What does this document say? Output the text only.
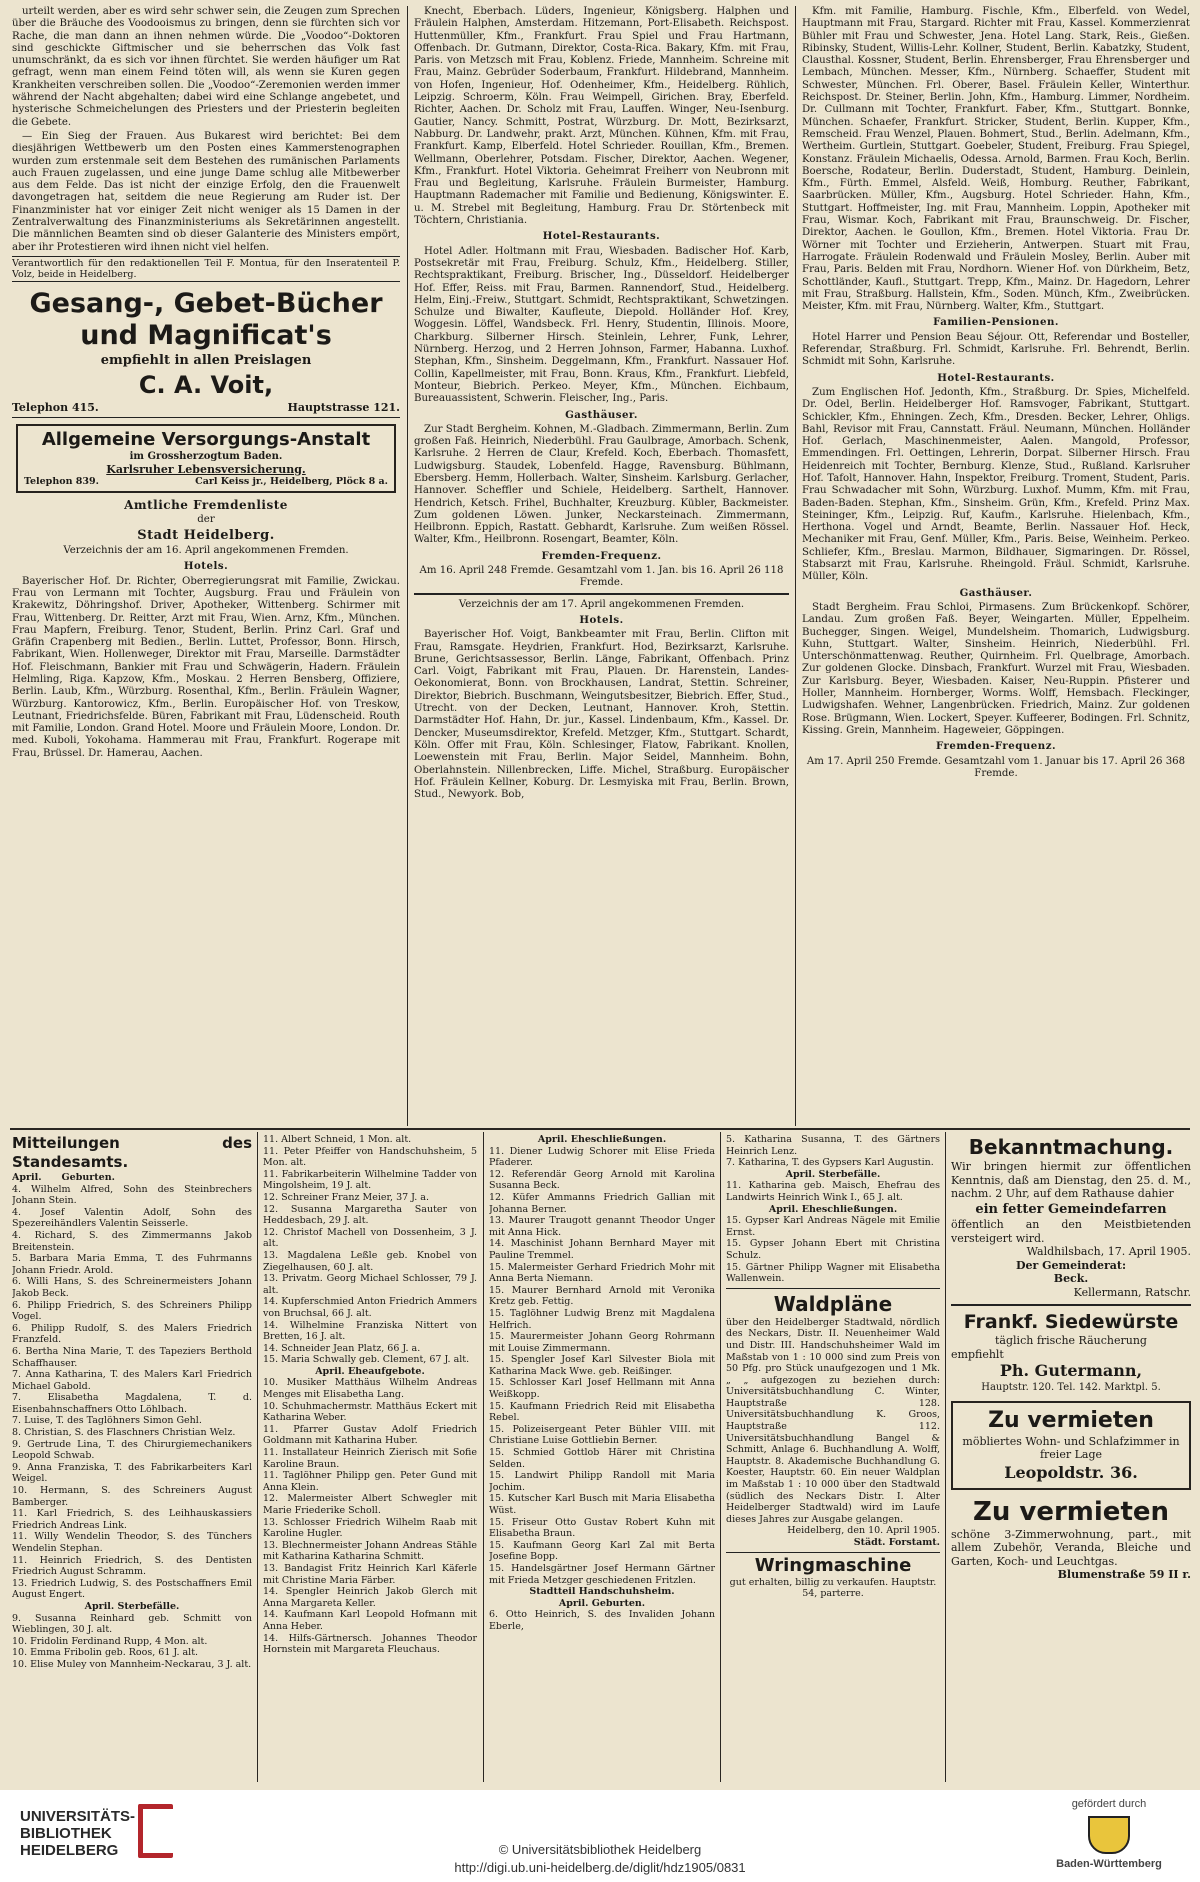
urteilt werden, aber es wird sehr schwer sein, die Zeugen zum Sprechen über die Bräuche des Voodooismus zu bringen, denn sie fürchten sich vor Rache, die man dann an ihnen nehmen würde. Die „Voodoo“-Doktoren sind geschickte Giftmischer und sie beherrschen das Volk fast unumschränkt, da es sich vor ihnen fürchtet. Sie werden häufiger um Rat gefragt, wenn man einem Feind töten will, als wenn sie Kuren gegen Krankheiten verschreiben sollen. Die „Voodoo“-Zeremonien werden immer während der Nacht abgehalten; dabei wird eine Schlange angebetet, und hysterische Schmeichelungen des Priesters und der Priesterin begleiten die Gebete.

— Ein Sieg der Frauen. Aus Bukarest wird berichtet: Bei dem diesjährigen Wettbewerb um den Posten eines Kammerstenographen wurden zum erstenmale seit dem Bestehen des rumänischen Parlaments auch Frauen zugelassen, und eine junge Dame schlug alle Mitbewerber aus dem Felde. Das ist nicht der einzige Erfolg, den die Frauenwelt davongetragen hat, seitdem die neue Regierung am Ruder ist. Der Finanzminister hat vor einiger Zeit nicht weniger als 15 Damen in der Zentralverwaltung des Finanzministeriums als Sekretärinnen angestellt. Die männlichen Beamten sind ob dieser Galanterie des Ministers empört, aber ihr Protestieren wird ihnen nicht viel helfen.

Verantwortlich für den redaktionellen Teil F. Montua, für den Inseratenteil P. Volz, beide in Heidelberg.
Gesang-, Gebet-Bücher
und Magnificat's
empfiehlt in allen Preislagen
C. A. Voit,
Telephon 415.	Hauptstrasse 121.
Allgemeine Versorgungs-Anstalt
im Grossherzogtum Baden.
Karlsruher Lebensversicherung.
Telephon 839.	Carl Keiss jr., Heidelberg, Plöck 8 a.
Amtliche Fremdenliste
der
Stadt Heidelberg.
Verzeichnis der am 16. April angekommenen Fremden.
Hotels.

Bayerischer Hof. Dr. Richter, Oberregierungsrat mit Familie, Zwickau. Frau von Lermann mit Tochter, Augsburg. Frau und Fräulein von Krakewitz, Döhringshof. Driver, Apotheker, Wittenberg. Schirmer mit Frau, Wittenberg. Dr. Reitter, Arzt mit Frau, Wien. Arnz, Kfm., München. Frau Mapfern, Freiburg. Tenor, Student, Berlin. Prinz Carl. Graf und Gräfin Crapenberg mit Bedien., Berlin. Luttet, Professor, Bonn. Hirsch, Fabrikant, Wien. Hollenweger, Direktor mit Frau, Marseille. Darmstädter Hof. Fleischmann, Bankier mit Frau und Schwägerin, Hadern. Fräulein Helmling, Riga. Kapzow, Kfm., Moskau. 2 Herren Bensberg, Offiziere, Berlin. Laub, Kfm., Würzburg. Rosenthal, Kfm., Berlin. Fräulein Wagner, Würzburg. Kantorowicz, Kfm., Berlin. Europäischer Hof. von Treskow, Leutnant, Friedrichsfelde. Büren, Fabrikant mit Frau, Lüdenscheid. Routh mit Familie, London. Grand Hotel. Moore und Fräulein Moore, London. Dr. med. Kuboli, Yokohama. Hammerau mit Frau, Frankfurt. Rogerape mit Frau, Brüssel. Dr. Hamerau, Aachen.

Knecht, Eberbach. Lüders, Ingenieur, Königsberg. Halphen und Fräulein Halphen, Amsterdam. Hitzemann, Port-Elisabeth. Reichspost. Huttenmüller, Kfm., Frankfurt. Frau Spiel und Frau Hartmann, Offenbach. Dr. Gutmann, Direktor, Costa-Rica. Bakary, Kfm. mit Frau, Paris. von Metzsch mit Frau, Koblenz. Friede, Mannheim. Schreine mit Frau, Mainz. Gebrüder Soderbaum, Frankfurt. Hildebrand, Mannheim. von Hofen, Ingenieur, Hof. Odenheimer, Kfm., Heidelberg. Rühlich, Leipzig. Schroerm, Köln. Frau Weimpell, Girichen. Bray, Eberfeld. Richter, Aachen. Dr. Scholz mit Frau, Lauffen. Winger, Neu-Isenburg. Gautier, Nancy. Schmitt, Postrat, Würzburg. Dr. Mott, Bezirksarzt, Nabburg. Dr. Landwehr, prakt. Arzt, München. Kühnen, Kfm. mit Frau, Frankfurt. Kamp, Elberfeld. Hotel Schrieder. Rouillan, Kfm., Bremen. Wellmann, Oberlehrer, Potsdam. Fischer, Direktor, Aachen. Wegener, Kfm., Frankfurt. Hotel Viktoria. Geheimrat Freiherr von Neubronn mit Frau und Begleitung, Karlsruhe. Fräulein Burmeister, Hamburg. Hauptmann Rademacher mit Familie und Bedienung, Königswinter. E. u. M. Strebel mit Begleitung, Hamburg. Frau Dr. Störtenbeck mit Töchtern, Christiania.

Hotel-Restaurants.

Hotel Adler. Holtmann mit Frau, Wiesbaden. Badischer Hof. Karb, Postsekretär mit Frau, Freiburg. Schulz, Kfm., Heidelberg. Stiller, Rechtspraktikant, Freiburg. Brischer, Ing., Düsseldorf. Heidelberger Hof. Effer, Reiss. mit Frau, Barmen. Rannendorf, Stud., Heidelberg. Helm, Einj.-Freiw., Stuttgart. Schmidt, Rechtspraktikant, Schwetzingen. Schulze und Biwalter, Kaufleute, Diepold. Holländer Hof. Krey, Woggesin. Löffel, Wandsbeck. Frl. Henry, Studentin, Illinois. Moore, Charkburg. Silberner Hirsch. Steinlein, Lehrer, Funk, Lehrer, Nürnberg. Herzog, und 2 Herren Johnson, Farmer, Habanna. Luxhof. Stephan, Kfm., Sinsheim. Deggelmann, Kfm., Frankfurt. Nassauer Hof. Collin, Kapellmeister, mit Frau, Bonn. Kraus, Kfm., Frankfurt. Liebfeld, Monteur, Biebrich. Perkeo. Meyer, Kfm., München. Eichbaum, Bureauassistent, Schwerin. Fleischer, Ing., Paris.

Gasthäuser.

Zur Stadt Bergheim. Kohnen, M.-Gladbach. Zimmermann, Berlin. Zum großen Faß. Heinrich, Niederbühl. Frau Gaulbrage, Amorbach. Schenk, Karlsruhe. 2 Herren de Claur, Krefeld. Koch, Eberbach. Thomasfett, Ludwigsburg. Staudek, Lobenfeld. Hagge, Ravensburg. Bühlmann, Ebersberg. Hemm, Hollerbach. Walter, Sinsheim. Karlsburg. Gerlacher, Hannover. Scheffler und Schiele, Heidelberg. Sarthelt, Hannover. Hendrich, Ketsch. Frihel, Buchhalter, Kreuzburg. Kübler, Backmeister. Zum goldenen Löwen. Junker, Neckarsteinach. Zimmermann, Heilbronn. Eppich, Rastatt. Gebhardt, Karlsruhe. Zum weißen Rössel. Walter, Kfm., Heilbronn. Rosengart, Beamter, Köln.

Fremden-Frequenz.
Am 16. April 248 Fremde. Gesamtzahl vom 1. Jan. bis 16. April 26 118 Fremde.
Verzeichnis der am 17. April angekommenen Fremden.
Hotels.

Bayerischer Hof. Voigt, Bankbeamter mit Frau, Berlin. Clifton mit Frau, Ramsgate. Heydrien, Frankfurt. Hod, Bezirksarzt, Karlsruhe. Brune, Gerichtsassessor, Berlin. Länge, Fabrikant, Offenbach. Prinz Carl. Voigt, Fabrikant mit Frau, Plauen. Dr. Harenstein, Landes-Oekonomierat, Bonn. von Brockhausen, Landrat, Stettin. Schreiner, Direktor, Biebrich. Buschmann, Weingutsbesitzer, Biebrich. Effer, Stud., Utrecht. von der Decken, Leutnant, Hannover. Kroh, Stettin. Darmstädter Hof. Hahn, Dr. jur., Kassel. Lindenbaum, Kfm., Kassel. Dr. Dencker, Museumsdirektor, Krefeld. Metzger, Kfm., Stuttgart. Schardt, Köln. Offer mit Frau, Köln. Schlesinger, Flatow, Fabrikant. Knollen, Loewenstein mit Frau, Berlin. Major Seidel, Mannheim. Bohn, Oberlahnstein. Nillenbrecken, Liffe. Michel, Straßburg. Europäischer Hof. Fräulein Kellner, Koburg. Dr. Lesmyiska mit Frau, Berlin. Brown, Stud., Newyork. Bob,

Kfm. mit Familie, Hamburg. Fischle, Kfm., Elberfeld. von Wedel, Hauptmann mit Frau, Stargard. Richter mit Frau, Kassel. Kommerzienrat Bühler mit Frau und Schwester, Jena. Hotel Lang. Stark, Reis., Gießen. Ribinsky, Student, Willis-Lehr. Kollner, Student, Berlin. Kabatzky, Student, Clausthal. Kossner, Student, Berlin. Ehrensberger, Frau Ehrensberger und Lembach, München. Messer, Kfm., Nürnberg. Schaeffer, Student mit Schwester, München. Frl. Oberer, Basel. Fräulein Keller, Winterthur. Reichspost. Dr. Steiner, Berlin. John, Kfm., Hamburg. Limmer, Nordheim. Dr. Cullmann mit Tochter, Frankfurt. Faber, Kfm., Stuttgart. Bonnke, München. Schaefer, Frankfurt. Stricker, Student, Berlin. Kupper, Kfm., Remscheid. Frau Wenzel, Plauen. Bohmert, Stud., Berlin. Adelmann, Kfm., Wertheim. Gurtlein, Stuttgart. Goebeler, Student, Freiburg. Frau Spiegel, Konstanz. Fräulein Michaelis, Odessa. Arnold, Barmen. Frau Koch, Berlin. Boersche, Rodateur, Berlin. Duderstadt, Student, Hamburg. Deinlein, Kfm., Fürth. Emmel, Alsfeld. Weiß, Homburg. Reuther, Fabrikant, Saarbrücken. Müller, Kfm., Augsburg. Hotel Schrieder. Hahn, Kfm., Stuttgart. Hoffmeister, Ing. mit Frau, Mannheim. Loppin, Apotheker mit Frau, Wismar. Koch, Fabrikant mit Frau, Braunschweig. Dr. Fischer, Direktor, Aachen. le Goullon, Kfm., Bremen. Hotel Viktoria. Frau Dr. Wörner mit Tochter und Erzieherin, Antwerpen. Stuart mit Frau, Harrogate. Fräulein Rodenwald und Fräulein Mosley, Berlin. Auber mit Frau, Paris. Belden mit Frau, Nordhorn. Wiener Hof. von Dürkheim, Betz, Schottländer, Kaufl., Stuttgart. Trepp, Kfm., Mainz. Dr. Hagedorn, Lehrer mit Frau, Straßburg. Hallstein, Kfm., Soden. Münch, Kfm., Zweibrücken. Meister, Kfm. mit Frau, Nürnberg. Walter, Kfm., Stuttgart.

Familien-Pensionen.

Hotel Harrer und Pension Beau Séjour. Ott, Referendar und Bosteller, Referendar, Straßburg. Frl. Schmidt, Karlsruhe. Frl. Behrendt, Berlin. Schmidt mit Sohn, Karlsruhe.

Hotel-Restaurants.

Zum Englischen Hof. Jedonth, Kfm., Straßburg. Dr. Spies, Michelfeld. Dr. Odel, Berlin. Heidelberger Hof. Ramsvoger, Fabrikant, Stuttgart. Schickler, Kfm., Ehningen. Zech, Kfm., Dresden. Becker, Lehrer, Ohligs. Bahl, Revisor mit Frau, Cannstatt. Fräul. Neumann, München. Holländer Hof. Gerlach, Maschinenmeister, Aalen. Mangold, Professor, Emmendingen. Frl. Oettingen, Lehrerin, Dorpat. Silberner Hirsch. Frau Heidenreich mit Tochter, Bernburg. Klenze, Stud., Rußland. Karlsruher Hof. Tafolt, Hannover. Hahn, Inspektor, Freiburg. Troment, Student, Paris. Frau Schwadacher mit Sohn, Würzburg. Luxhof. Mumm, Kfm. mit Frau, Baden-Baden. Stephan, Kfm., Sinsheim. Grün, Kfm., Krefeld. Prinz Max. Steininger, Kfm., Leipzig. Ruf, Kaufm., Karlsruhe. Hielenbach, Kfm., Herthona. Vogel und Arndt, Beamte, Berlin. Nassauer Hof. Heck, Mechaniker mit Frau, Genf. Müller, Kfm., Paris. Beise, Weinheim. Perkeo. Schliefer, Kfm., Breslau. Marmon, Bildhauer, Sigmaringen. Dr. Rössel, Stabsarzt mit Frau, Karlsruhe. Rheingold. Fräul. Schmidt, Karlsruhe. Müller, Köln.

Gasthäuser.

Stadt Bergheim. Frau Schloi, Pirmasens. Zum Brückenkopf. Schörer, Landau. Zum großen Faß. Beyer, Weingarten. Müller, Eppelheim. Buchegger, Singen. Weigel, Mundelsheim. Thomarich, Ludwigsburg. Kuhn, Stuttgart. Walter, Sinsheim. Heinrich, Niederbühl. Frl. Unterschönmattenwag. Reuther, Quirnheim. Frl. Quelbrage, Amorbach. Zur goldenen Glocke. Dinsbach, Frankfurt. Wurzel mit Frau, Wiesbaden. Zur Karlsburg. Beyer, Wiesbaden. Kaiser, Neu-Ruppin. Pfisterer und Holler, Mannheim. Hornberger, Worms. Wolff, Hemsbach. Fleckinger, Ludwigshafen. Wehner, Langenbrücken. Friedrich, Mainz. Zur goldenen Rose. Brügmann, Wien. Lockert, Speyer. Kuffeerer, Bodingen. Frl. Schnitz, Kissing. Grein, Mannheim. Hageweier, Göppingen.

Fremden-Frequenz.
Am 17. April 250 Fremde. Gesamtzahl vom 1. Januar bis 17. April 26 368 Fremde.
Mitteilungen des Standesamts.
April. Geburten.
4. Wilhelm Alfred, Sohn des Steinbrechers Johann Stein.
4. Josef Valentin Adolf, Sohn des Spezereihändlers Valentin Seisserle.
4. Richard, S. des Zimmermanns Jakob Breitenstein.
5. Barbara Maria Emma, T. des Fuhrmanns Johann Friedr. Arold.
6. Willi Hans, S. des Schreinermeisters Johann Jakob Beck.
6. Philipp Friedrich, S. des Schreiners Philipp Vogel.
6. Philipp Rudolf, S. des Malers Friedrich Franzfeld.
6. Bertha Nina Marie, T. des Tapeziers Berthold Schaffhauser.
7. Anna Katharina, T. des Malers Karl Friedrich Michael Gabold.
7. Elisabetha Magdalena, T. d. Eisenbahnschaffners Otto Löhlbach.
7. Luise, T. des Taglöhners Simon Gehl.
8. Christian, S. des Flaschners Christian Welz.
9. Gertrude Lina, T. des Chirurgiemechanikers Leopold Schwab.
9. Anna Franziska, T. des Fabrikarbeiters Karl Weigel.
10. Hermann, S. des Schreiners August Bamberger.
11. Karl Friedrich, S. des Leihhauskassiers Friedrich Andreas Link.
11. Willy Wendelin Theodor, S. des Tünchers Wendelin Stephan.
11. Heinrich Friedrich, S. des Dentisten Friedrich August Schramm.
13. Friedrich Ludwig, S. des Postschaffners Emil August Engert.
April. Sterbefälle.
9. Susanna Reinhard geb. Schmitt von Wieblingen, 30 J. alt.
10. Fridolin Ferdinand Rupp, 4 Mon. alt.
10. Emma Fribolin geb. Roos, 61 J. alt.
10. Elise Muley von Mannheim-Neckarau, 3 J. alt.
11. Albert Schneid, 1 Mon. alt.
11. Peter Pfeiffer von Handschuhsheim, 5 Mon. alt.
11. Fabrikarbeiterin Wilhelmine Tadder von Mingolsheim, 19 J. alt.
12. Schreiner Franz Meier, 37 J. a.
12. Susanna Margaretha Sauter von Heddesbach, 29 J. alt.
12. Christof Machell von Dossenheim, 3 J. alt.
13. Magdalena Leßle geb. Knobel von Ziegelhausen, 60 J. alt.
13. Privatm. Georg Michael Schlosser, 79 J. alt.
14. Kupferschmied Anton Friedrich Ammers von Bruchsal, 66 J. alt.
14. Wilhelmine Franziska Nittert von Bretten, 16 J. alt.
14. Schneider Jean Platz, 66 J. a.
15. Maria Schwally geb. Clement, 67 J. alt.
April. Eheaufgebote.
10. Musiker Matthäus Wilhelm Andreas Menges mit Elisabetha Lang.
10. Schuhmachermstr. Matthäus Eckert mit Katharina Weber.
11. Pfarrer Gustav Adolf Friedrich Goldmann mit Katharina Huber.
11. Installateur Heinrich Zierisch mit Sofie Karoline Braun.
11. Taglöhner Philipp gen. Peter Gund mit Anna Klein.
12. Malermeister Albert Schwegler mit Marie Friederike Scholl.
13. Schlosser Friedrich Wilhelm Raab mit Karoline Hugler.
13. Blechnermeister Johann Andreas Stähle mit Katharina Katharina Schmitt.
13. Bandagist Fritz Heinrich Karl Käferle mit Christine Maria Färber.
14. Spengler Heinrich Jakob Glerch mit Anna Margareta Keller.
14. Kaufmann Karl Leopold Hofmann mit Anna Heber.
14. Hilfs-Gärtnersch. Johannes Theodor Hornstein mit Margareta Fleuchaus.
April. Eheschließungen.
11. Diener Ludwig Schorer mit Elise Frieda Pfaderer.
12. Referendär Georg Arnold mit Karolina Susanna Beck.
12. Küfer Ammanns Friedrich Gallian mit Johanna Berner.
13. Maurer Traugott genannt Theodor Unger mit Anna Hick.
14. Maschinist Johann Bernhard Mayer mit Pauline Tremmel.
15. Malermeister Gerhard Friedrich Mohr mit Anna Berta Niemann.
15. Maurer Bernhard Arnold mit Veronika Kretz geb. Fettig.
15. Taglöhner Ludwig Brenz mit Magdalena Helfrich.
15. Maurermeister Johann Georg Rohrmann mit Louise Zimmermann.
15. Spengler Josef Karl Silvester Biola mit Katharina Mack Wwe. geb. Reißinger.
15. Schlosser Karl Josef Hellmann mit Anna Weißkopp.
15. Kaufmann Friedrich Reid mit Elisabetha Rebel.
15. Polizeisergeant Peter Bühler VIII. mit Christiane Luise Gottliebin Berner.
15. Schmied Gottlob Härer mit Christina Selden.
15. Landwirt Philipp Randoll mit Maria Jochim.
15. Kutscher Karl Busch mit Maria Elisabetha Wüst.
15. Friseur Otto Gustav Robert Kuhn mit Elisabetha Braun.
15. Kaufmann Georg Karl Zal mit Berta Josefine Bopp.
15. Handelsgärtner Josef Hermann Gärtner mit Frieda Metzger geschiedenen Fritzlen.
Stadtteil Handschuhsheim.
April. Geburten.
6. Otto Heinrich, S. des Invaliden Johann Eberle,
5. Katharina Susanna, T. des Gärtners Heinrich Lenz.
7. Katharina, T. des Gypsers Karl Augustin.
April. Sterbefälle.
11. Katharina geb. Maisch, Ehefrau des Landwirts Heinrich Wink I., 65 J. alt.
April. Eheschließungen.
15. Gypser Karl Andreas Nägele mit Emilie Ernst.
15. Gypser Johann Ebert mit Christina Schulz.
15. Gärtner Philipp Wagner mit Elisabetha Wallenwein.
Waldpläne
über den Heidelberger Stadtwald, nördlich des Neckars, Distr. II. Neuenheimer Wald und Distr. III. Handschuhsheimer Wald im Maßstab von 1 : 10 000 sind zum Preis von 50 Pfg. pro Stück unaufgezogen und 1 Mk. „ „ aufgezogen zu beziehen durch: Universitätsbuchhandlung C. Winter, Hauptstraße 128. Universitätsbuchhandlung K. Groos, Hauptstraße 112. Universitätsbuchhandlung Bangel & Schmitt, Anlage 6. Buchhandlung A. Wolff, Hauptstr. 8. Akademische Buchhandlung G. Koester, Hauptstr. 60. Ein neuer Waldplan im Maßstab 1 : 10 000 über den Stadtwald (südlich des Neckars Distr. I. Alter Heidelberger Stadtwald) wird im Laufe dieses Jahres zur Ausgabe gelangen.
Heidelberg, den 10. April 1905.
Städt. Forstamt.
Wringmaschine
gut erhalten, billig zu verkaufen. Hauptstr. 54, parterre.
Bekanntmachung.
Wir bringen hiermit zur öffentlichen Kenntnis, daß am Dienstag, den 25. d. M., nachm. 2 Uhr, auf dem Rathause dahier
ein fetter Gemeindefarren
öffentlich an den Meistbietenden versteigert wird.
Waldhilsbach, 17. April 1905.
Der Gemeinderat:
Beck.
Kellermann, Ratschr.
Frankf. Siedewürste
täglich frische Räucherung
empfiehlt
Ph. Gutermann,
Hauptstr. 120. Tel. 142. Marktpl. 5.
Zu vermieten
möbliertes Wohn- und Schlafzimmer in freier Lage
Leopoldstr. 36.
Zu vermieten
schöne 3-Zimmerwohnung, part., mit allem Zubehör, Veranda, Bleiche und Garten, Koch- und Leuchtgas.
Blumenstraße 59 II r.
UNIVERSITÄTS-
BIBLIOTHEK
HEIDELBERG	© Universitätsbibliothek Heidelberg
http://digi.ub.uni-heidelberg.de/diglit/hdz1905/0831
gefördert durch
Baden-Württemberg
